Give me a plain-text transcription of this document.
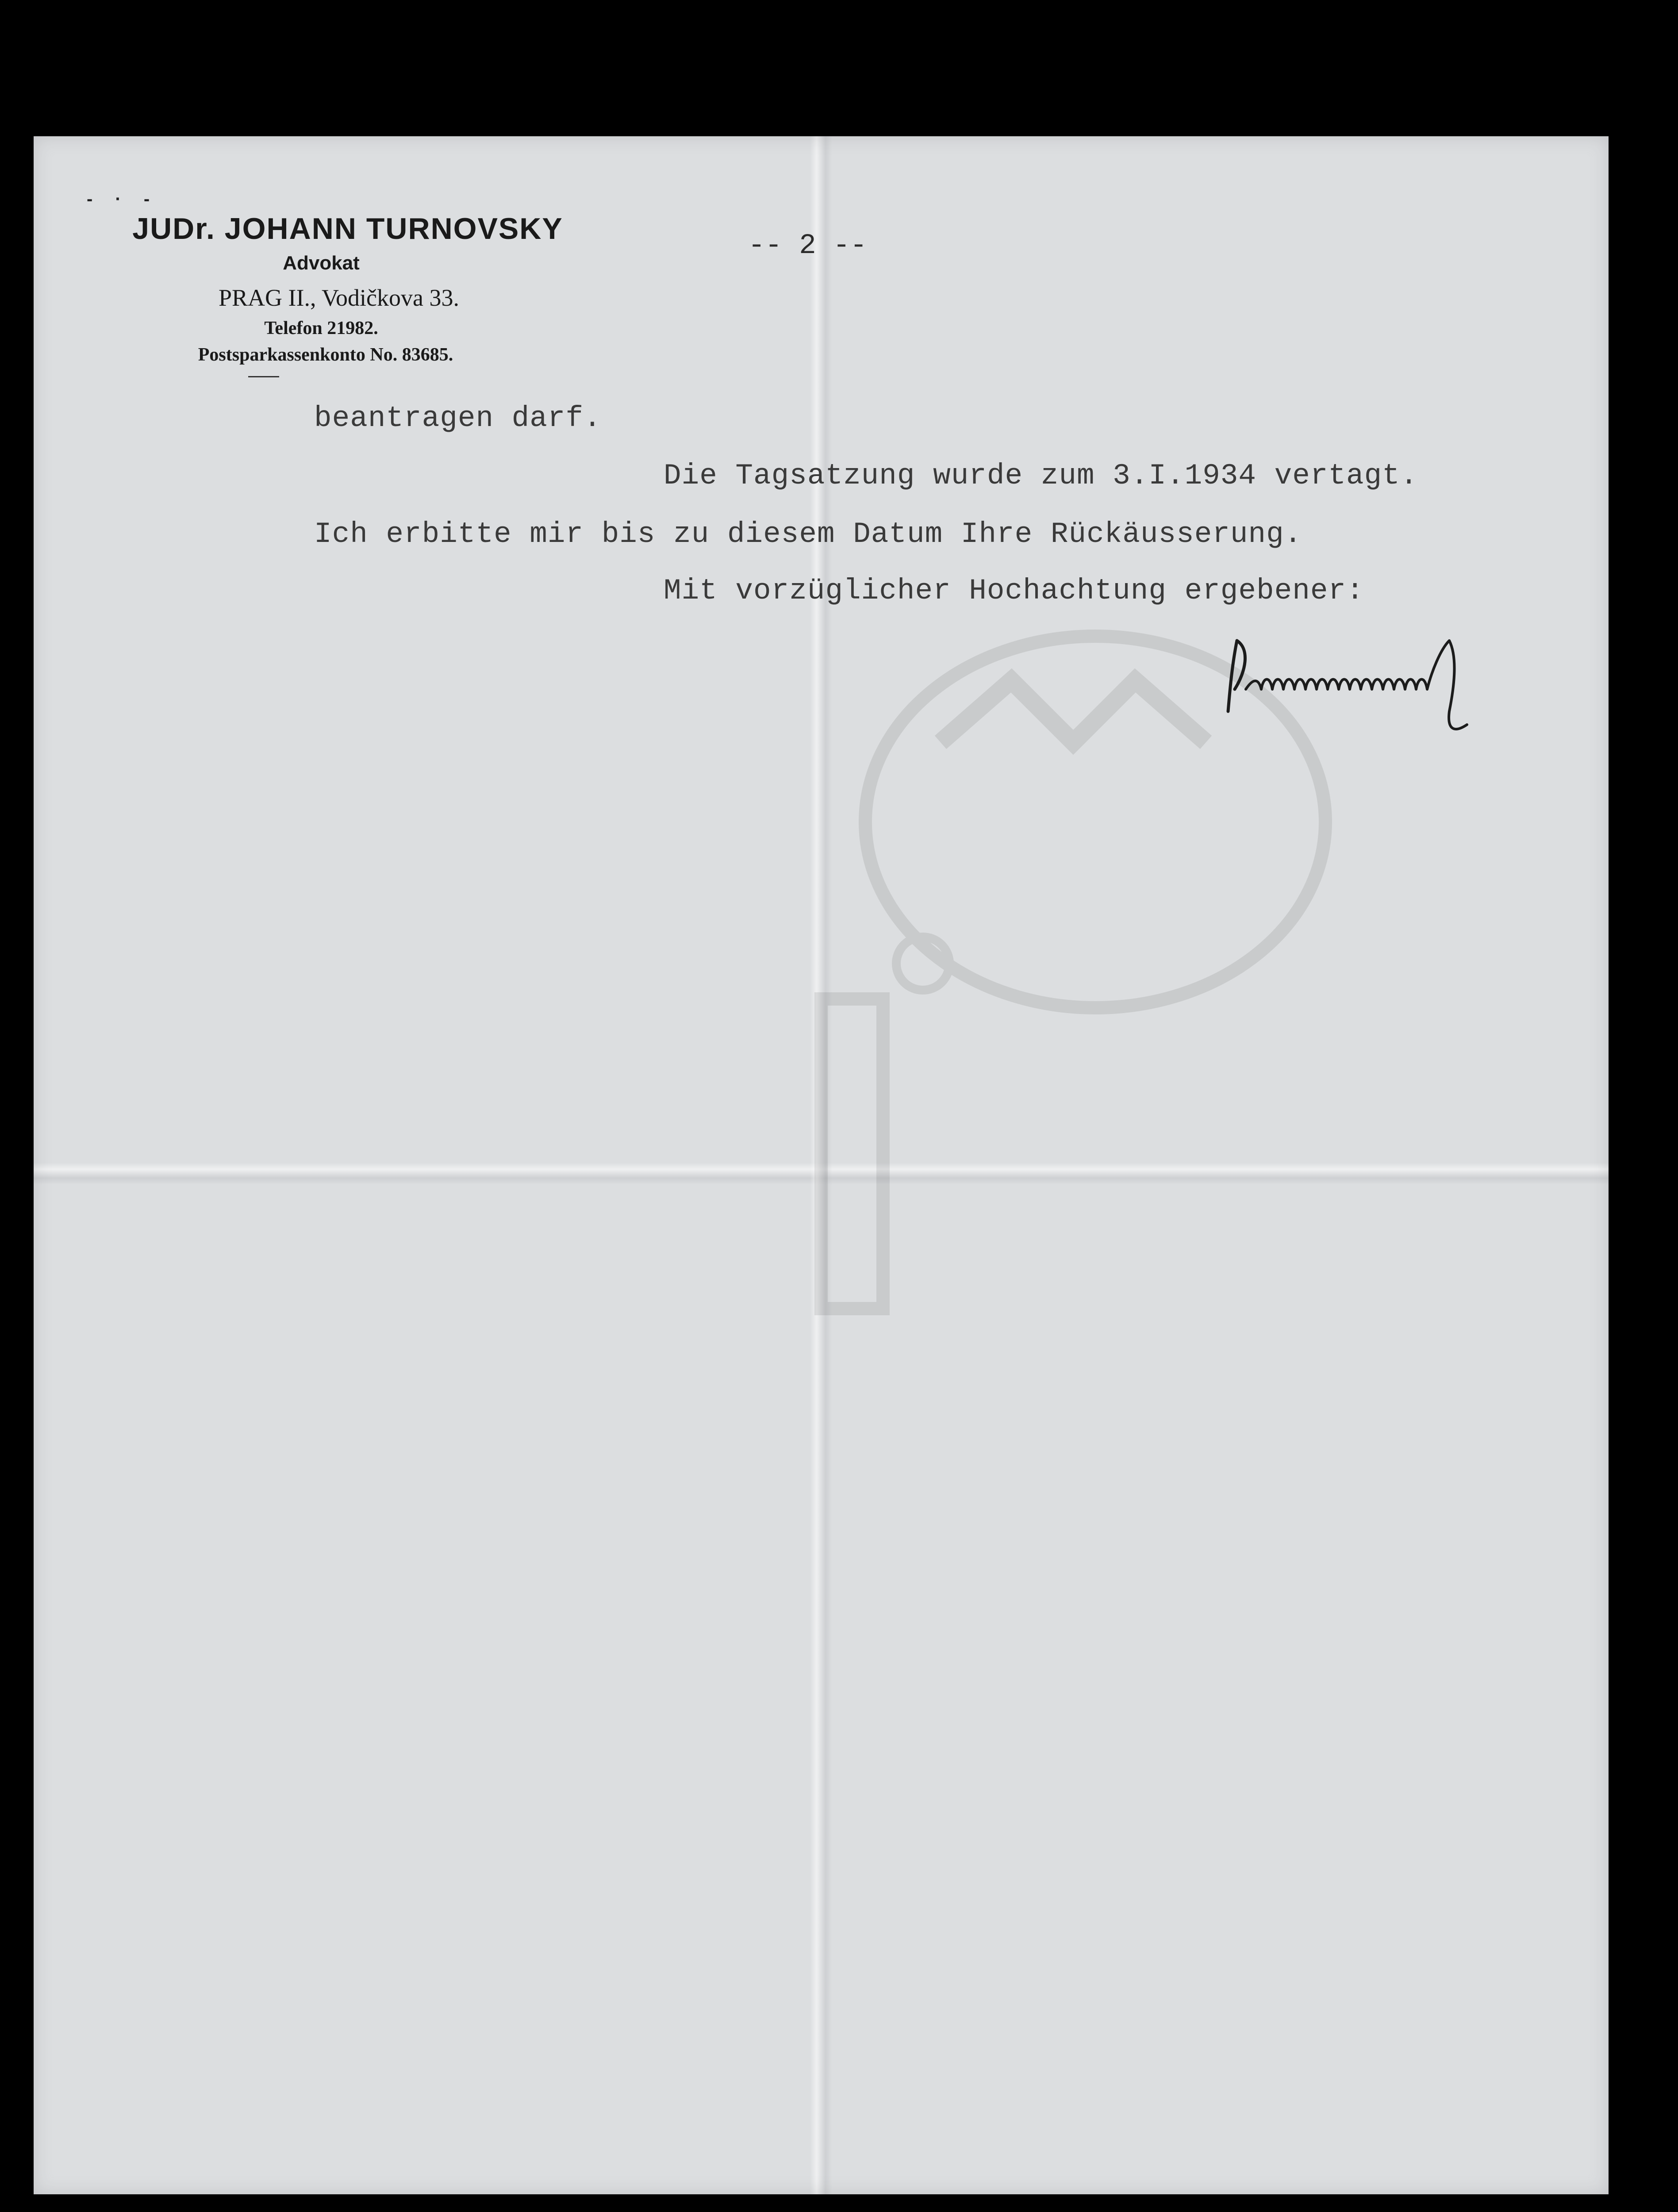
- · -
JUDr. JOHANN TURNOVSKY
Advokat
PRAG II., Vodičkova 33.
Telefon 21982.
Postsparkassenkonto No. 83685.
-- 2 --
beantragen darf.
Die Tagsatzung wurde zum 3.I.1934 vertagt.
Ich erbitte mir bis zu diesem Datum Ihre Rückäusserung.
Mit vorzüglicher Hochachtung ergebener:
